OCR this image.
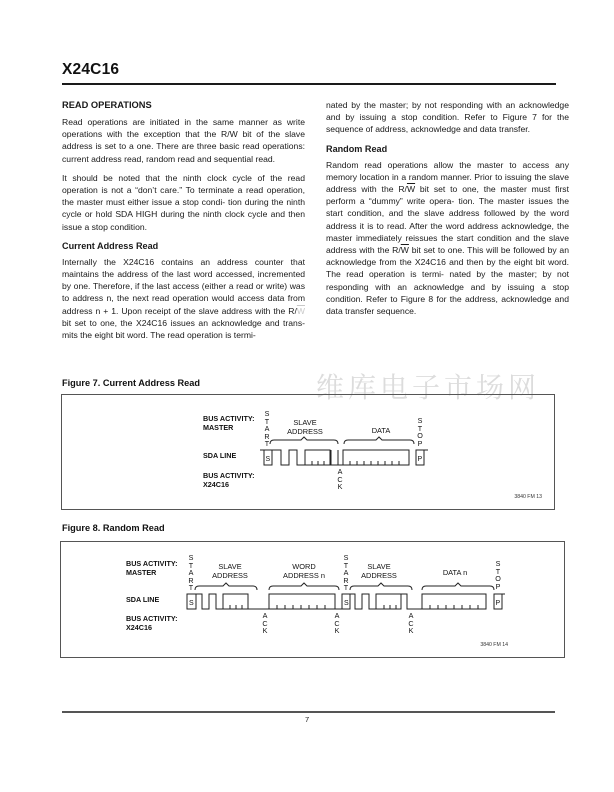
X24C16
READ OPERATIONS

Read operations are initiated in the same manner as write operations with the exception that the R/W bit of the slave address is set to a one. There are three basic read operations: current address read, random read and sequential read.

It should be noted that the ninth clock cycle of the read operation is not a “don’t care.” To terminate a read operation, the master must either issue a stop condi- tion during the ninth cycle or hold SDA HIGH during the ninth clock cycle and then issue a stop condition.

Current Address Read

Internally the X24C16 contains an address counter that maintains the address of the last word accessed, incremented by one. Therefore, if the last access (either a read or write) was to address n, the next read operation would access data from address n + 1. Upon receipt of the slave address with the $R/\overline{W}$ bit set to one, the X24C16 issues an acknowledge and trans- mits the eight bit word. The read operation is termi-

nated by the master; by not responding with an acknowledge and by issuing a stop condition. Refer to Figure 7 for the sequence of address, acknowledge and data transfer.

Random Read

Random read operations allow the master to access any memory location in a random manner. Prior to issuing the slave address with the $R/\overline{W}$ bit set to one, the master must first perform a “dummy” write opera- tion. The master issues the start condition, and the slave address followed by the word address it is to read. After the word address acknowledge, the master immediately reissues the start condition and the slave address with the $R/\overline{W}$ bit set to one. This will be followed by an acknowledge from the X24C16 and then by the eight bit word. The read operation is termi- nated by the master; by not responding with an acknowledge and by issuing a stop condition. Refer to Figure 8 for the address, acknowledge and data transfer sequence.

维库电子市场网
Figure 7. Current Address Read
3840 FM 13
BUS ACTIVITY:
MASTER
SDA LINE
BUS ACTIVITY:
X24C16
S
T
A
R
T
S
T
O
P
A
C
K
SLAVE
ADDRESS	DATA
S	P
Figure 8. Random Read
3840 FM 14
BUS ACTIVITY:
MASTER
SDA LINE
BUS ACTIVITY:
X24C16
S
T
A
R
T
S
T
A
R
T
S
T
O
P
A
C
K
A
C
K
A
C
K
SLAVE
ADDRESS
WORD
ADDRESS n
SLAVE
ADDRESS	DATA n
S	S	P
7
